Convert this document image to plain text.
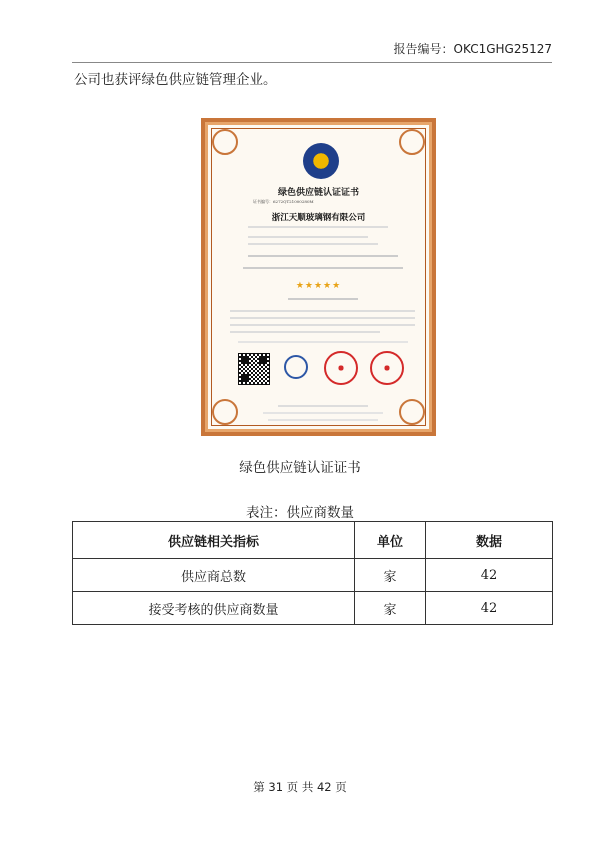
报告编号：OKC1GHG25127
公司也获评绿色供应链管理企业。
XCC
绿色供应链认证证书
证书编号：6272QT21000280M
浙江天顺玻璃钢有限公司
★★★★★
绿色供应链认证证书
表注：供应商数量
供应链相关指标	单位	数据
供应商总数	家	42
接受考核的供应商数量	家	42
第 31 页 共 42 页
